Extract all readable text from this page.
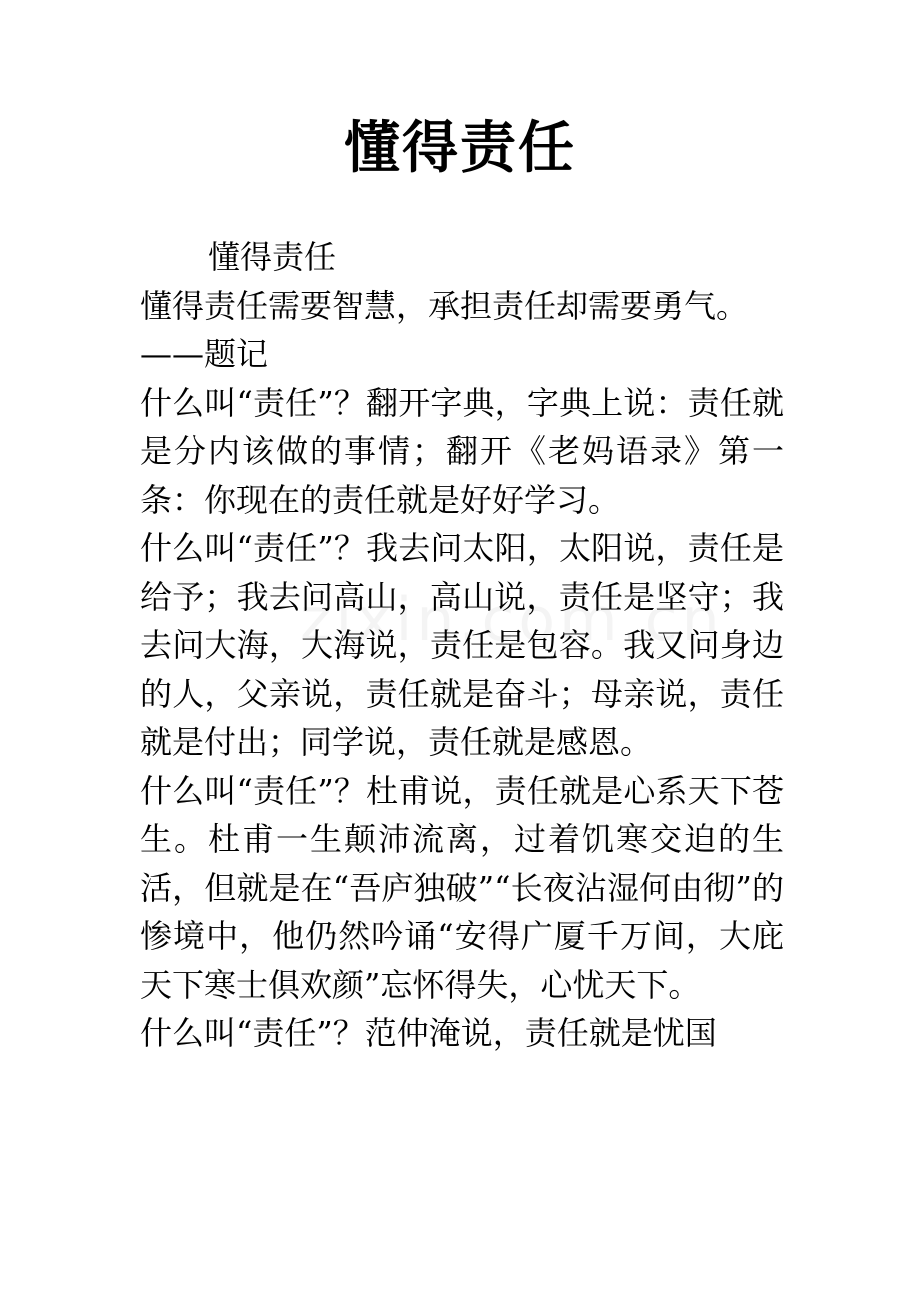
懂得责任

懂得责任

懂得责任需要智慧，承担责任却需要勇气。

——题记

什么叫“责任”？翻开字典，字典上说：责任就是分内该做的事情；翻开《老妈语录》第一条：你现在的责任就是好好学习。

什么叫“责任”？我去问太阳，太阳说，责任是给予；我去问高山，高山说，责任是坚守；我去问大海，大海说，责任是包容。我又问身边的人，父亲说，责任就是奋斗；母亲说，责任就是付出；同学说，责任就是感恩。

什么叫“责任”？杜甫说，责任就是心系天下苍生。杜甫一生颠沛流离，过着饥寒交迫的生活，但就是在“吾庐独破”“长夜沾湿何由彻”的惨境中，他仍然吟诵“安得广厦千万间，大庇天下寒士俱欢颜”忘怀得失，心忧天下。

什么叫“责任”？范仲淹说，责任就是忧国
